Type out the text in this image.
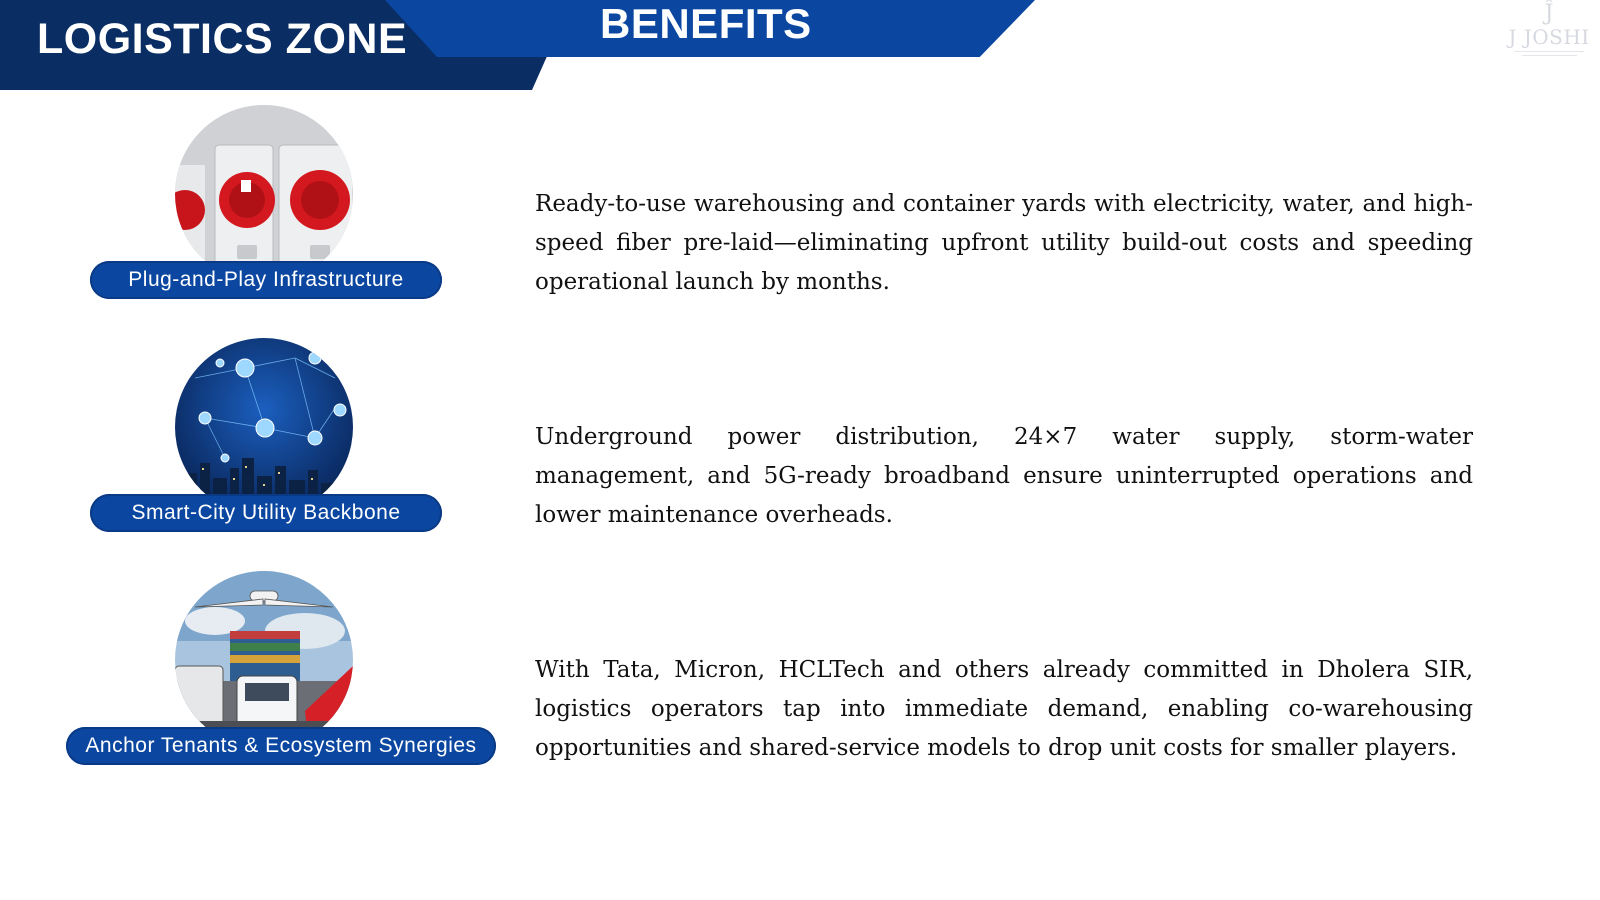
LOGISTICS ZONE	BENEFITS	Ĵ
J JOSHI
Plug-and-Play Infrastructure

Ready-to-use warehousing and container yards with electricity, water, and high-speed fiber pre-laid—eliminating upfront utility build-out costs and speeding operational launch by months.

Smart-City Utility Backbone

Underground power distribution, 24×7 water supply, storm-water management, and 5G-ready broadband ensure uninterrupted operations and lower maintenance overheads.

Anchor Tenants & Ecosystem Synergies

With Tata, Micron, HCLTech and others already committed in Dholera SIR, logistics operators tap into immediate demand, enabling co-warehousing opportunities and shared-service models to drop unit costs for smaller players.
